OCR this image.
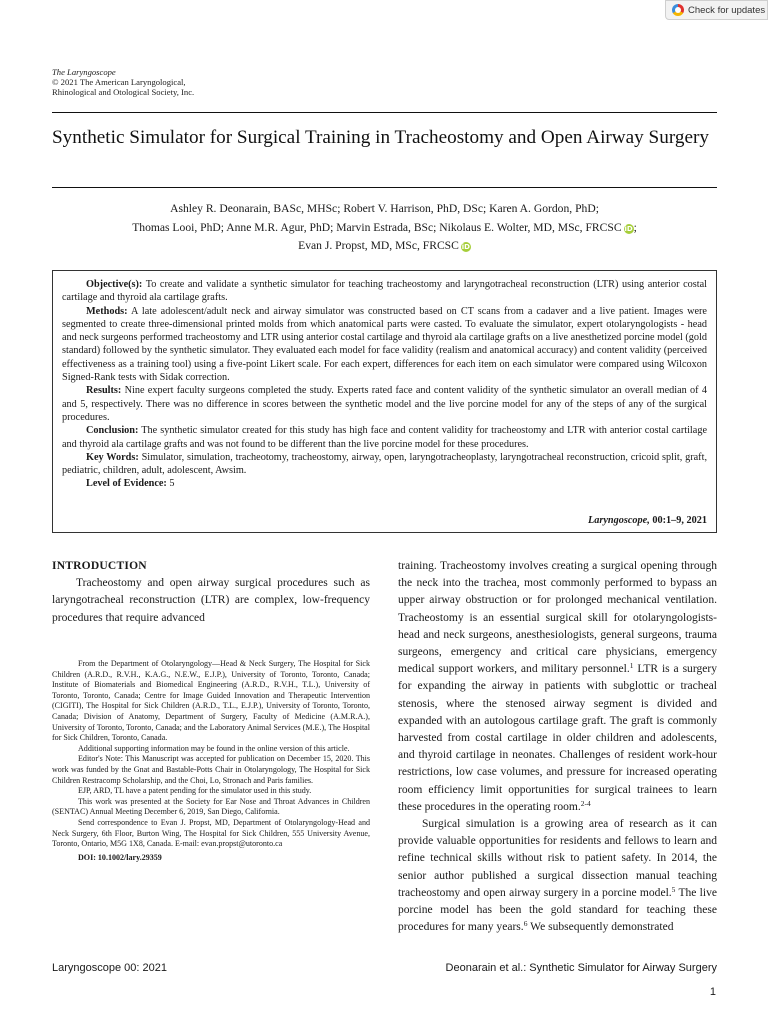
Check for updates
The Laryngoscope
© 2021 The American Laryngological,
Rhinological and Otological Society, Inc.
Synthetic Simulator for Surgical Training in Tracheostomy and Open Airway Surgery
Ashley R. Deonarain, BASc, MHSc; Robert V. Harrison, PhD, DSc; Karen A. Gordon, PhD;
Thomas Looi, PhD; Anne M.R. Agur, PhD; Marvin Estrada, BSc; Nikolaus E. Wolter, MD, MSc, FRCSC iD;
Evan J. Propst, MD, MSc, FRCSC iD

Objective(s): To create and validate a synthetic simulator for teaching tracheostomy and laryngotracheal reconstruction (LTR) using anterior costal cartilage and thyroid ala cartilage grafts.

Methods: A late adolescent/adult neck and airway simulator was constructed based on CT scans from a cadaver and a live patient. Images were segmented to create three-dimensional printed molds from which anatomical parts were casted. To evaluate the simulator, expert otolaryngologists - head and neck surgeons performed tracheostomy and LTR using anterior costal cartilage and thyroid ala cartilage grafts on a live anesthetized porcine model (gold standard) followed by the synthetic simulator. They evaluated each model for face validity (realism and anatomical accuracy) and content validity (perceived effectiveness as a training tool) using a five-point Likert scale. For each expert, differences for each item on each simulator were compared using Wilcoxon Signed-Rank tests with Sidak correction.

Results: Nine expert faculty surgeons completed the study. Experts rated face and content validity of the synthetic simulator an overall median of 4 and 5, respectively. There was no difference in scores between the synthetic model and the live porcine model for any of the steps of any of the surgical procedures.

Conclusion: The synthetic simulator created for this study has high face and content validity for tracheostomy and LTR with anterior costal cartilage and thyroid ala cartilage grafts and was not found to be different than the live porcine model for these procedures.

Key Words: Simulator, simulation, tracheotomy, tracheostomy, airway, open, laryngotracheoplasty, laryngotracheal reconstruction, cricoid split, graft, pediatric, children, adult, adolescent, Awsim.

Level of Evidence: 5

Laryngoscope, 00:1–9, 2021
INTRODUCTION

Tracheostomy and open airway surgical procedures such as laryngotracheal reconstruction (LTR) are complex, low-frequency procedures that require advanced

From the Department of Otolaryngology—Head & Neck Surgery, The Hospital for Sick Children (A.R.D., R.V.H., K.A.G., N.E.W., E.J.P.), University of Toronto, Toronto, Canada; Institute of Biomaterials and Biomedical Engineering (A.R.D., R.V.H., T.L.), University of Toronto, Toronto, Canada; Centre for Image Guided Innovation and Therapeutic Intervention (CIGITI), The Hospital for Sick Children (A.R.D., T.L., E.J.P.), University of Toronto, Toronto, Canada; Division of Anatomy, Department of Surgery, Faculty of Medicine (A.M.R.A.), University of Toronto, Toronto, Canada; and the Laboratory Animal Services (M.E.), The Hospital for Sick Children, Toronto, Canada.

Additional supporting information may be found in the online version of this article.

Editor's Note: This Manuscript was accepted for publication on December 15, 2020. This work was funded by the Gnat and Bastable-Potts Chair in Otolaryngology, The Hospital for Sick Children Restracomp Scholarship, and the Choi, Lo, Stronach and Paris families.

EJP, ARD, TL have a patent pending for the simulator used in this study.

This work was presented at the Society for Ear Nose and Throat Advances in Children (SENTAC) Annual Meeting December 6, 2019, San Diego, California.

Send correspondence to Evan J. Propst, MD, Department of Otolaryngology-Head and Neck Surgery, 6th Floor, Burton Wing, The Hospital for Sick Children, 555 University Avenue, Toronto, Ontario, M5G 1X8, Canada. E-mail: evan.propst@utoronto.ca

DOI: 10.1002/lary.29359

training. Tracheostomy involves creating a surgical opening through the neck into the trachea, most commonly performed to bypass an upper airway obstruction or for prolonged mechanical ventilation. Tracheostomy is an essential surgical skill for otolaryngologists-head and neck surgeons, anesthesiologists, general surgeons, trauma surgeons, emergency and critical care physicians, emergency medical support workers, and military personnel.$^1$ LTR is a surgery for expanding the airway in patients with subglottic or tracheal stenosis, where the stenosed airway segment is divided and expanded with an autologous cartilage graft. The graft is commonly harvested from costal cartilage in older children and adolescents, and thyroid cartilage in neonates. Challenges of resident work-hour restrictions, low case volumes, and pressure for increased operating room efficiency limit opportunities for surgical trainees to learn these procedures in the operating room.$^{2-4}$

Surgical simulation is a growing area of research as it can provide valuable opportunities for residents and fellows to learn and refine technical skills without risk to patient safety. In 2014, the senior author published a surgical dissection manual teaching tracheostomy and open airway surgery in a porcine model.$^5$ The live porcine model has been the gold standard for teaching these procedures for many years.$^6$ We subsequently demonstrated

Laryngoscope 00: 2021	Deonarain et al.: Synthetic Simulator for Airway Surgery
1
